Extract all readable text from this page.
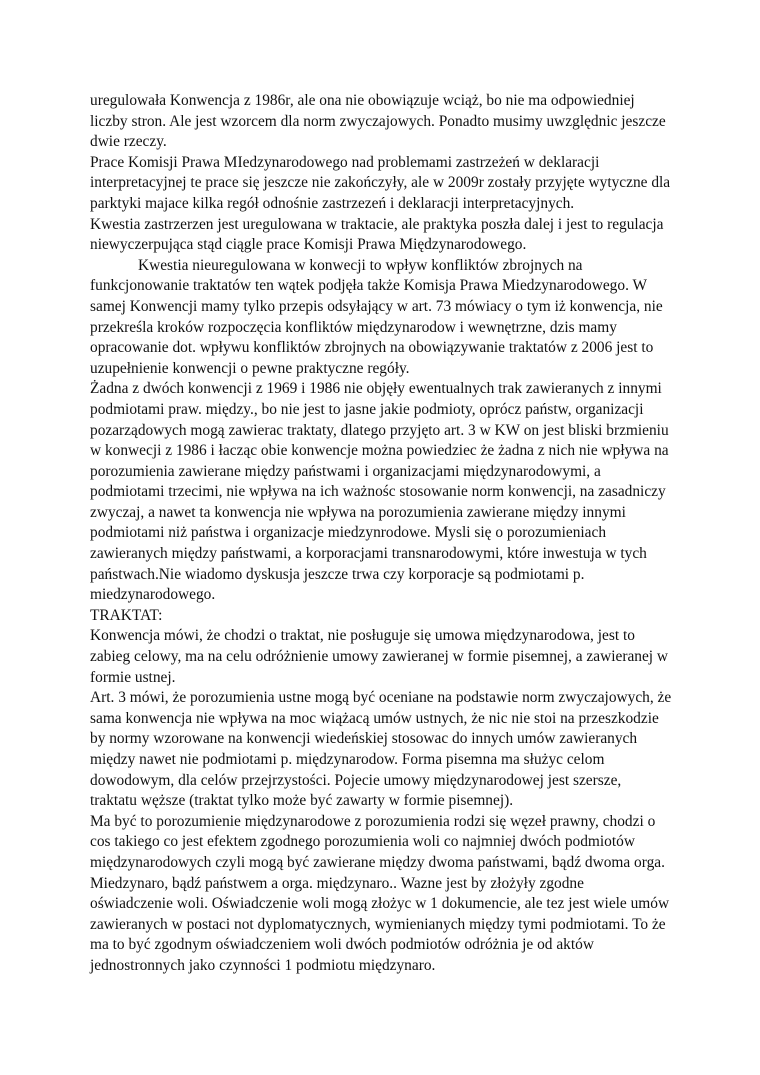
uregulowała Konwencja z 1986r, ale ona nie obowiązuje wciąż, bo nie ma odpowiedniej
liczby stron. Ale jest wzorcem dla norm zwyczajowych. Ponadto musimy uwzględnic jeszcze
dwie rzeczy.

Prace Komisji Prawa MIedzynarodowego nad problemami zastrzeżeń w deklaracji
interpretacyjnej te prace się jeszcze nie zakończyły, ale w 2009r zostały przyjęte wytyczne dla
parktyki majace kilka regół odnośnie zastrzezeń i deklaracji interpretacyjnych.

Kwestia zastrzerzen jest uregulowana w traktacie, ale praktyka poszła dalej i jest to regulacja
niewyczerpująca stąd ciągle prace Komisji Prawa Międzynarodowego.

Kwestia nieuregulowana w konwecji to wpływ konfliktów zbrojnych na
funkcjonowanie traktatów ten wątek podjęła także Komisja Prawa Miedzynarodowego. W
samej Konwencji mamy tylko przepis odsyłający w art. 73 mówiacy o tym iż konwencja, nie
przekreśla kroków rozpoczęcia konfliktów międzynarodow i wewnętrzne, dzis mamy
opracowanie dot. wpływu konfliktów zbrojnych na obowiązywanie traktatów z 2006 jest to
uzupełnienie konwencji o pewne praktyczne regóły.

Żadna z dwóch konwencji z 1969 i 1986 nie objęły ewentualnych trak zawieranych z innymi
podmiotami praw. między., bo nie jest to jasne jakie podmioty, oprócz państw, organizacji
pozarządowych mogą zawierac traktaty, dlatego przyjęto art. 3 w KW on jest bliski brzmieniu
w konwecji z 1986 i łacząc obie konwencje można powiedziec że żadna z nich nie wpływa na
porozumienia zawierane między państwami i organizacjami międzynarodowymi, a
podmiotami trzecimi, nie wpływa na ich ważnośc stosowanie norm konwencji, na zasadniczy
zwyczaj, a nawet ta konwencja nie wpływa na porozumienia zawierane między innymi
podmiotami niż państwa i organizacje miedzynrodowe. Mysli się o porozumieniach
zawieranych między państwami, a korporacjami transnarodowymi, które inwestuja w tych
państwach.Nie wiadomo dyskusja jeszcze trwa czy korporacje są podmiotami p.
miedzynarodowego.

TRAKTAT:

Konwencja mówi, że chodzi o traktat, nie posługuje się umowa międzynarodowa, jest to
zabieg celowy, ma na celu odróżnienie umowy zawieranej w formie pisemnej, a zawieranej w
formie ustnej.

Art. 3 mówi, że porozumienia ustne mogą być oceniane na podstawie norm zwyczajowych, że
sama konwencja nie wpływa na moc wiążacą umów ustnych, że nic nie stoi na przeszkodzie
by normy wzorowane na konwencji wiedeńskiej stosowac do innych umów zawieranych
między nawet nie podmiotami p. międzynarodow. Forma pisemna ma służyc celom
dowodowym, dla celów przejrzystości. Pojecie umowy międzynarodowej jest szersze,
traktatu węższe (traktat tylko może być zawarty w formie pisemnej).

Ma być to porozumienie międzynarodowe z porozumienia rodzi się węzeł prawny, chodzi o
cos takiego co jest efektem zgodnego porozumienia woli co najmniej dwóch podmiotów
międzynarodowych czyli mogą być zawierane między dwoma państwami, bądź dwoma orga.
Miedzynaro, bądź państwem a orga. międzynaro.. Wazne jest by złożyły zgodne
oświadczenie woli. Oświadczenie woli mogą złożyc w 1 dokumencie, ale tez jest wiele umów
zawieranych w postaci not dyplomatycznych, wymienianych między tymi podmiotami. To że
ma to być zgodnym oświadczeniem woli dwóch podmiotów odróżnia je od aktów
jednostronnych jako czynności 1 podmiotu międzynaro.
